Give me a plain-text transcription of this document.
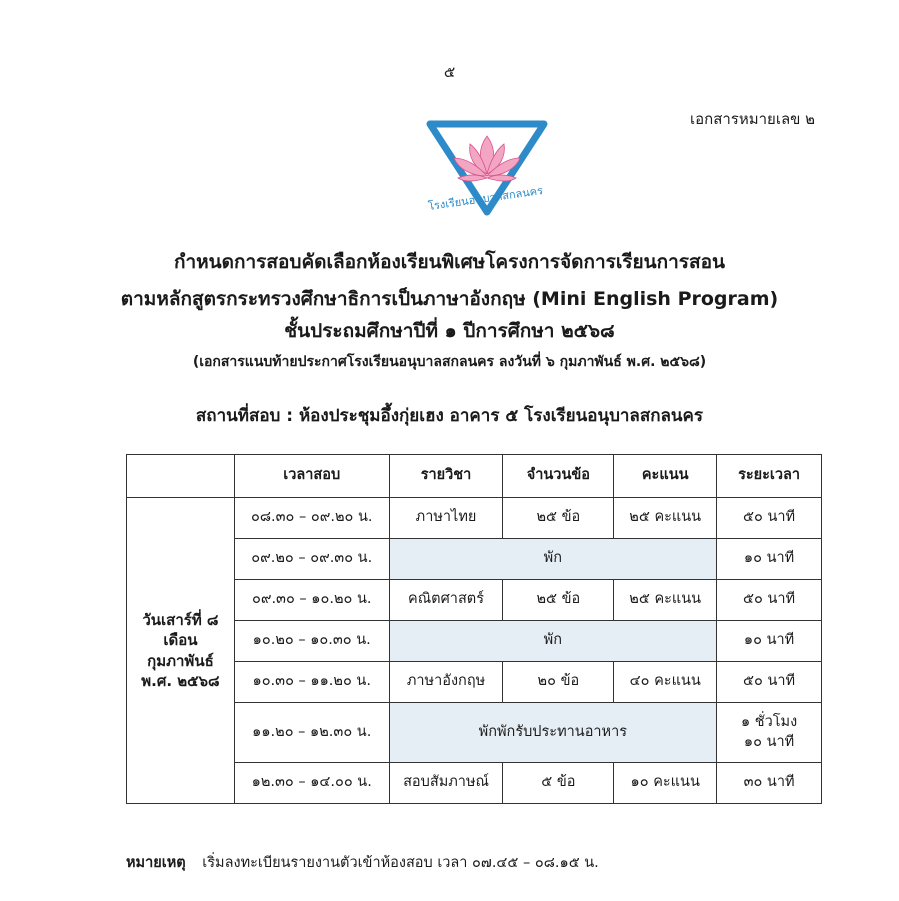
๕
เอกสารหมายเลข ๒
โรงเรียนอนุบาลสกลนคร
กำหนดการสอบคัดเลือกห้องเรียนพิเศษโครงการจัดการเรียนการสอน
ตามหลักสูตรกระทรวงศึกษาธิการเป็นภาษาอังกฤษ (Mini English Program)
ชั้นประถมศึกษาปีที่ ๑ ปีการศึกษา ๒๕๖๘
(เอกสารแนบท้ายประกาศโรงเรียนอนุบาลสกลนคร ลงวันที่ ๖ กุมภาพันธ์ พ.ศ. ๒๕๖๘)
สถานที่สอบ : ห้องประชุมอึ้งกุ่ยเฮง อาคาร ๕ โรงเรียนอนุบาลสกลนคร
	เวลาสอบ	รายวิชา	จำนวนข้อ	คะแนน	ระยะเวลา

วันเสาร์ที่ ๘
เดือน
กุมภาพันธ์
พ.ศ. ๒๕๖๘	๐๘.๓๐ – ๐๙.๒๐ น.	ภาษาไทย	๒๕ ข้อ	๒๕ คะแนน	๕๐ นาที
	๐๙.๒๐ – ๐๙.๓๐ น.	พัก			๑๐ นาที
	๐๙.๓๐ – ๑๐.๒๐ น.	คณิตศาสตร์	๒๕ ข้อ	๒๕ คะแนน	๕๐ นาที
	๑๐.๒๐ – ๑๐.๓๐ น.	พัก			๑๐ นาที
	๑๐.๓๐ – ๑๑.๒๐ น.	ภาษาอังกฤษ	๒๐ ข้อ	๔๐ คะแนน	๕๐ นาที
	๑๑.๒๐ – ๑๒.๓๐ น.	พักพักรับประทานอาหาร			๑ ชั่วโมง
๑๐ นาที

	๑๒.๓๐ – ๑๔.๐๐ น.	สอบสัมภาษณ์	๕ ข้อ	๑๐ คะแนน	๓๐ นาที
หมายเหตุ เริ่มลงทะเบียนรายงานตัวเข้าห้องสอบ เวลา ๐๗.๔๕ – ๐๘.๑๕ น.
